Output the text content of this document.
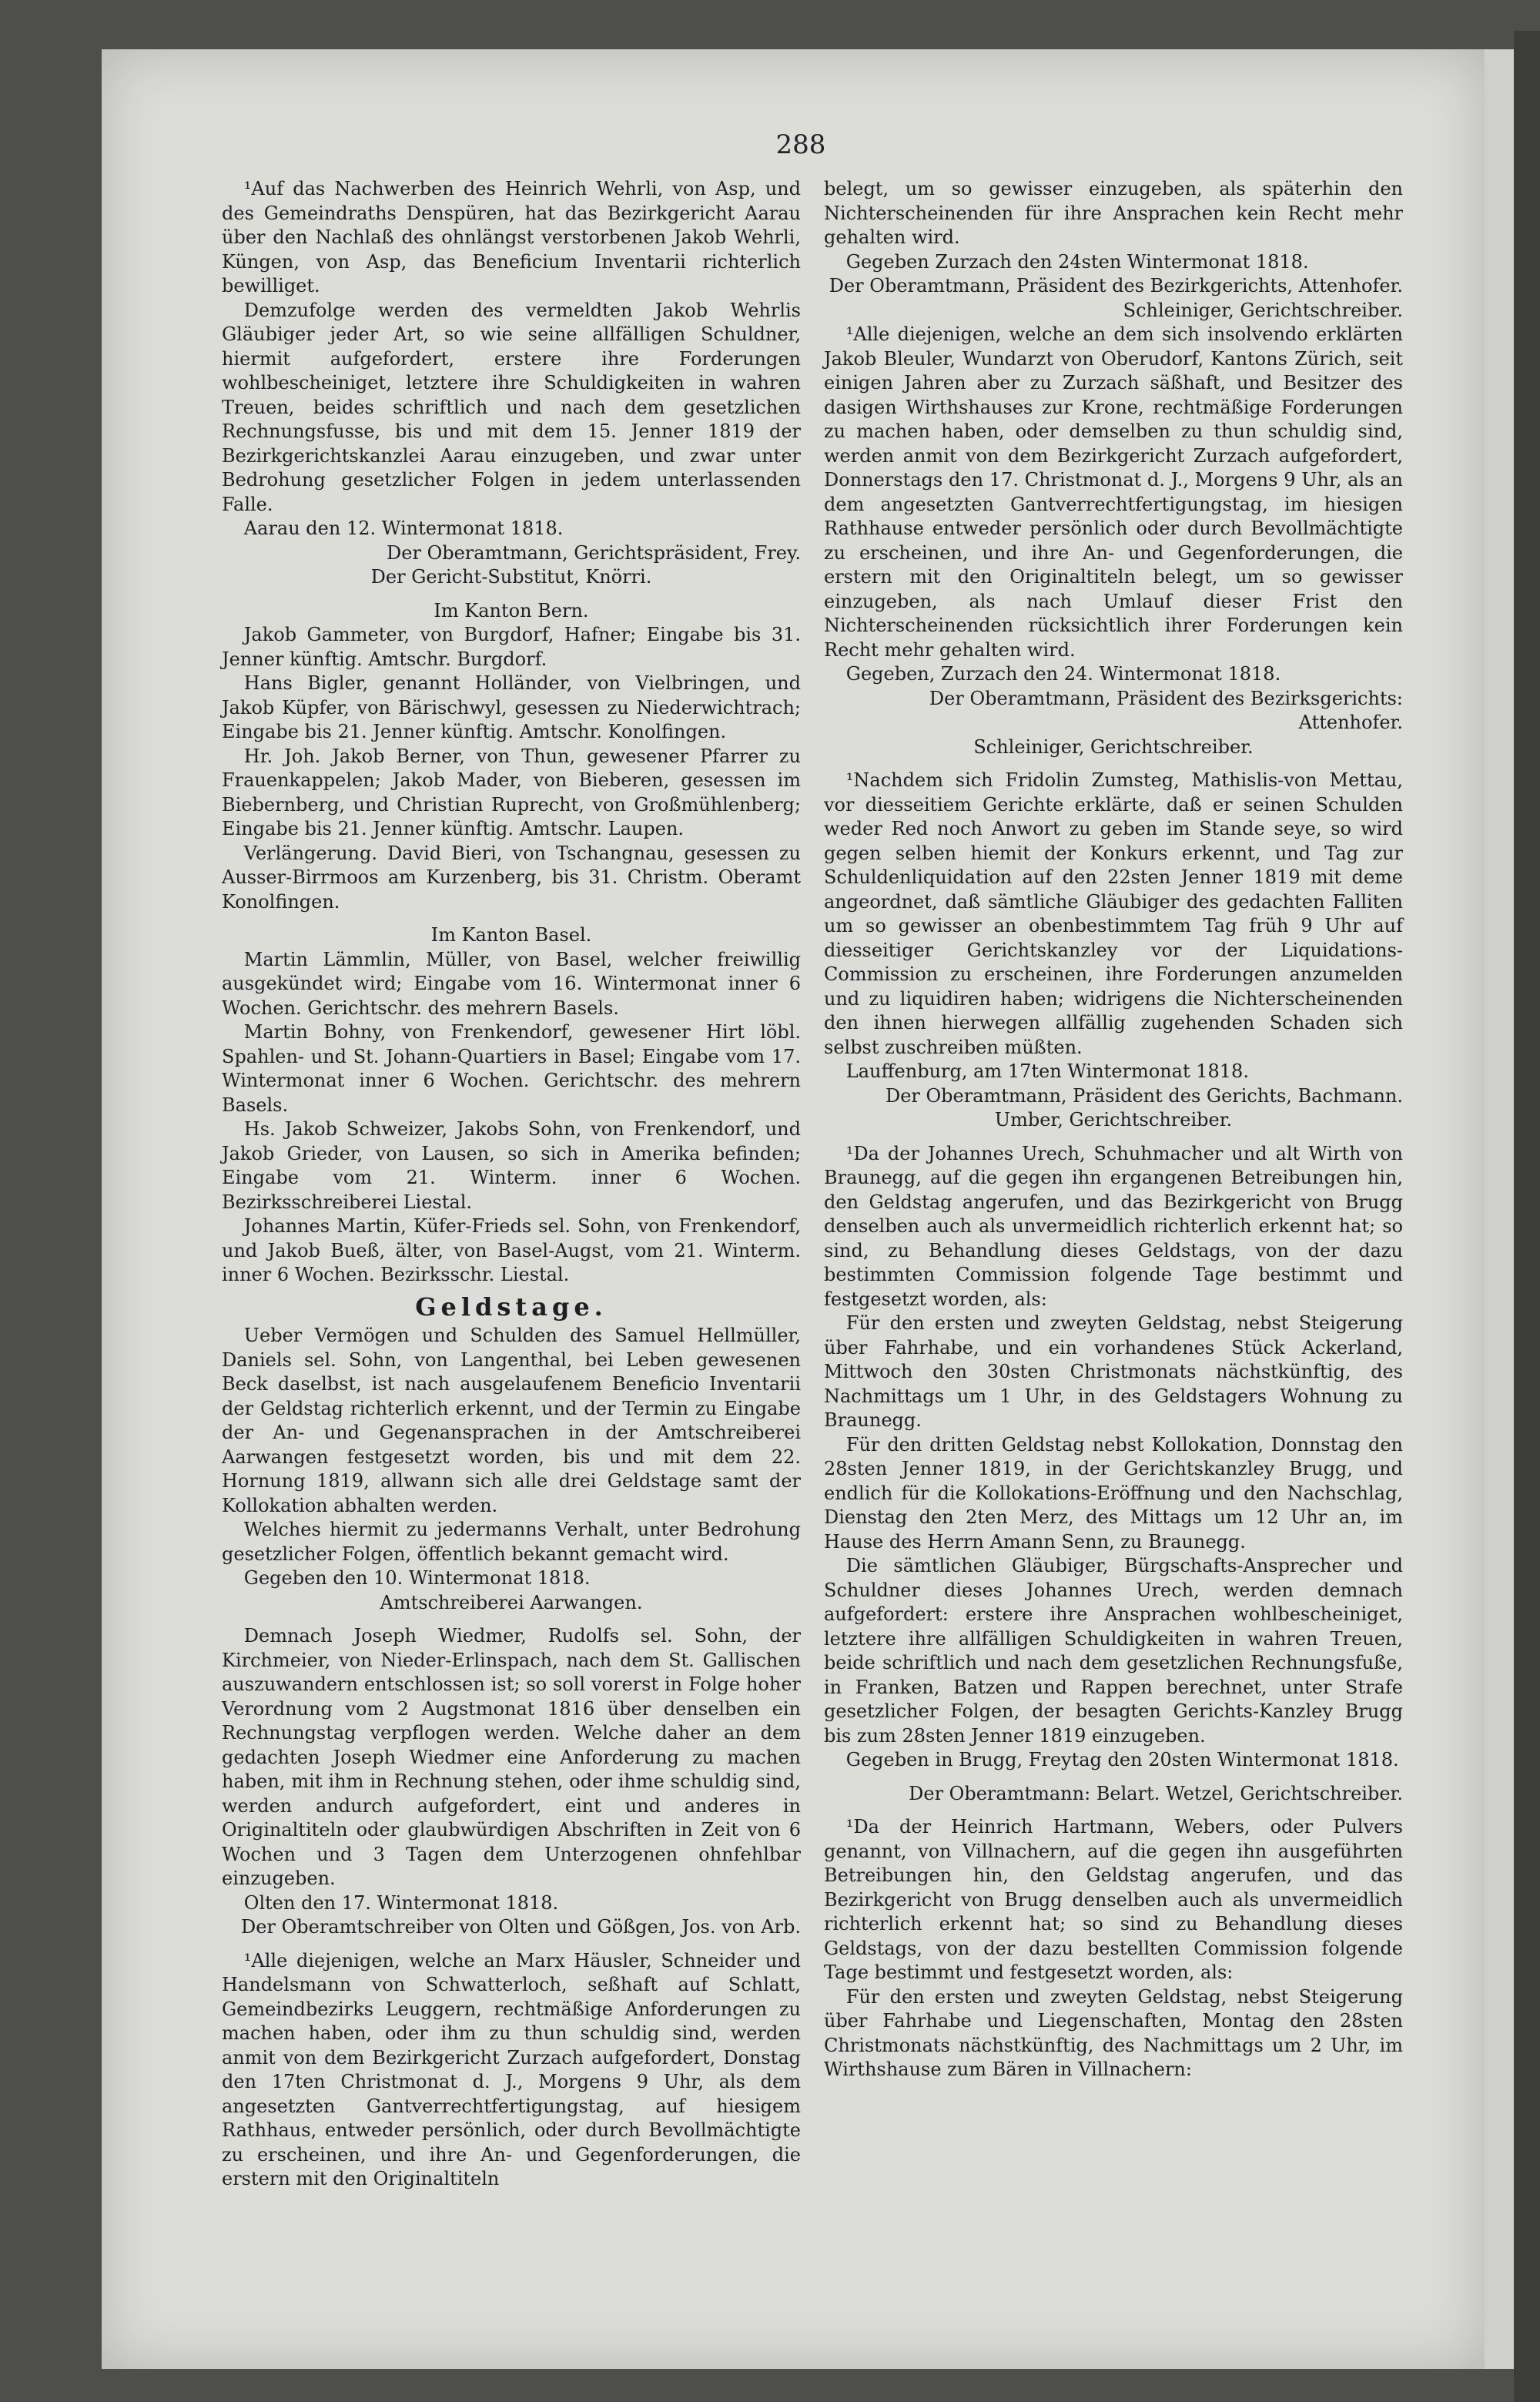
288

¹Auf das Nachwerben des Heinrich Wehrli, von Asp, und des Gemeindraths Denspüren, hat das Bezirkgericht Aarau über den Nachlaß des ohnlängst verstorbenen Jakob Wehrli, Küngen, von Asp, das Beneficium Inventarii richterlich bewilliget.

Demzufolge werden des vermeldten Jakob Wehrlis Gläubiger jeder Art, so wie seine allfälligen Schuldner, hiermit aufgefordert, erstere ihre Forderungen wohlbescheiniget, letztere ihre Schuldigkeiten in wahren Treuen, beides schriftlich und nach dem gesetzlichen Rechnungsfusse, bis und mit dem 15. Jenner 1819 der Bezirkgerichtskanzlei Aarau einzugeben, und zwar unter Bedrohung gesetzlicher Folgen in jedem unterlassenden Falle.

Aarau den 12. Wintermonat 1818.

Der Oberamtmann, Gerichtspräsident, Frey.

Der Gericht-Substitut, Knörri.

Im Kanton Bern.

Jakob Gammeter, von Burgdorf, Hafner; Eingabe bis 31. Jenner künftig. Amtschr. Burgdorf.

Hans Bigler, genannt Holländer, von Vielbringen, und Jakob Küpfer, von Bärischwyl, gesessen zu Niederwichtrach; Eingabe bis 21. Jenner künftig. Amtschr. Konolfingen.

Hr. Joh. Jakob Berner, von Thun, gewesener Pfarrer zu Frauenkappelen; Jakob Mader, von Bieberen, gesessen im Biebernberg, und Christian Ruprecht, von Großmühlenberg; Eingabe bis 21. Jenner künftig. Amtschr. Laupen.

Verlängerung. David Bieri, von Tschangnau, gesessen zu Ausser-Birrmoos am Kurzenberg, bis 31. Christm. Oberamt Konolfingen.

Im Kanton Basel.

Martin Lämmlin, Müller, von Basel, welcher freiwillig ausgekündet wird; Eingabe vom 16. Wintermonat inner 6 Wochen. Gerichtschr. des mehrern Basels.

Martin Bohny, von Frenkendorf, gewesener Hirt löbl. Spahlen- und St. Johann-Quartiers in Basel; Eingabe vom 17. Wintermonat inner 6 Wochen. Gerichtschr. des mehrern Basels.

Hs. Jakob Schweizer, Jakobs Sohn, von Frenkendorf, und Jakob Grieder, von Lausen, so sich in Amerika befinden; Eingabe vom 21. Winterm. inner 6 Wochen. Bezirksschreiberei Liestal.

Johannes Martin, Küfer-Frieds sel. Sohn, von Frenkendorf, und Jakob Bueß, älter, von Basel-Augst, vom 21. Winterm. inner 6 Wochen. Bezirksschr. Liestal.

Geldstage.

Ueber Vermögen und Schulden des Samuel Hellmüller, Daniels sel. Sohn, von Langenthal, bei Leben gewesenen Beck daselbst, ist nach ausgelaufenem Beneficio Inventarii der Geldstag richterlich erkennt, und der Termin zu Eingabe der An- und Gegenansprachen in der Amtschreiberei Aarwangen festgesetzt worden, bis und mit dem 22. Hornung 1819, allwann sich alle drei Geldstage samt der Kollokation abhalten werden.

Welches hiermit zu jedermanns Verhalt, unter Bedrohung gesetzlicher Folgen, öffentlich bekannt gemacht wird.

Gegeben den 10. Wintermonat 1818.

Amtschreiberei Aarwangen.

Demnach Joseph Wiedmer, Rudolfs sel. Sohn, der Kirchmeier, von Nieder-Erlinspach, nach dem St. Gallischen auszuwandern entschlossen ist; so soll vorerst in Folge hoher Verordnung vom 2 Augstmonat 1816 über denselben ein Rechnungstag verpflogen werden. Welche daher an dem gedachten Joseph Wiedmer eine Anforderung zu machen haben, mit ihm in Rechnung stehen, oder ihme schuldig sind, werden andurch aufgefordert, eint und anderes in Originaltiteln oder glaubwürdigen Abschriften in Zeit von 6 Wochen und 3 Tagen dem Unterzogenen ohnfehlbar einzugeben.

Olten den 17. Wintermonat 1818.

Der Oberamtschreiber von Olten und Gößgen, Jos. von Arb.

¹Alle diejenigen, welche an Marx Häusler, Schneider und Handelsmann von Schwatterloch, seßhaft auf Schlatt, Gemeindbezirks Leuggern, rechtmäßige Anforderungen zu machen haben, oder ihm zu thun schuldig sind, werden anmit von dem Bezirkgericht Zurzach aufgefordert, Donstag den 17ten Christmonat d. J., Morgens 9 Uhr, als dem angesetzten Gantverrechtfertigungstag, auf hiesigem Rathhaus, entweder persönlich, oder durch Bevollmächtigte zu erscheinen, und ihre An- und Gegenforderungen, die erstern mit den Originaltiteln

belegt, um so gewisser einzugeben, als späterhin den Nichterscheinenden für ihre Ansprachen kein Recht mehr gehalten wird.

Gegeben Zurzach den 24sten Wintermonat 1818.

Der Oberamtmann, Präsident des Bezirkgerichts, Attenhofer.

Schleiniger, Gerichtschreiber.

¹Alle diejenigen, welche an dem sich insolvendo erklärten Jakob Bleuler, Wundarzt von Oberudorf, Kantons Zürich, seit einigen Jahren aber zu Zurzach säßhaft, und Besitzer des dasigen Wirthshauses zur Krone, rechtmäßige Forderungen zu machen haben, oder demselben zu thun schuldig sind, werden anmit von dem Bezirkgericht Zurzach aufgefordert, Donnerstags den 17. Christmonat d. J., Morgens 9 Uhr, als an dem angesetzten Gantverrechtfertigungstag, im hiesigen Rathhause entweder persönlich oder durch Bevollmächtigte zu erscheinen, und ihre An- und Gegenforderungen, die erstern mit den Originaltiteln belegt, um so gewisser einzugeben, als nach Umlauf dieser Frist den Nichterscheinenden rücksichtlich ihrer Forderungen kein Recht mehr gehalten wird.

Gegeben, Zurzach den 24. Wintermonat 1818.

Der Oberamtmann, Präsident des Bezirksgerichts: Attenhofer.

Schleiniger, Gerichtschreiber.

¹Nachdem sich Fridolin Zumsteg, Mathislis-von Mettau, vor diesseitiem Gerichte erklärte, daß er seinen Schulden weder Red noch Anwort zu geben im Stande seye, so wird gegen selben hiemit der Konkurs erkennt, und Tag zur Schuldenliquidation auf den 22sten Jenner 1819 mit deme angeordnet, daß sämtliche Gläubiger des gedachten Falliten um so gewisser an obenbestimmtem Tag früh 9 Uhr auf diesseitiger Gerichtskanzley vor der Liquidations-Commission zu erscheinen, ihre Forderungen anzumelden und zu liquidiren haben; widrigens die Nichterscheinenden den ihnen hierwegen allfällig zugehenden Schaden sich selbst zuschreiben müßten.

Lauffenburg, am 17ten Wintermonat 1818.

Der Oberamtmann, Präsident des Gerichts, Bachmann.

Umber, Gerichtschreiber.

¹Da der Johannes Urech, Schuhmacher und alt Wirth von Braunegg, auf die gegen ihn ergangenen Betreibungen hin, den Geldstag angerufen, und das Bezirkgericht von Brugg denselben auch als unvermeidlich richterlich erkennt hat; so sind, zu Behandlung dieses Geldstags, von der dazu bestimmten Commission folgende Tage bestimmt und festgesetzt worden, als:

Für den ersten und zweyten Geldstag, nebst Steigerung über Fahrhabe, und ein vorhandenes Stück Ackerland, Mittwoch den 30sten Christmonats nächstkünftig, des Nachmittags um 1 Uhr, in des Geldstagers Wohnung zu Braunegg.

Für den dritten Geldstag nebst Kollokation, Donnstag den 28sten Jenner 1819, in der Gerichtskanzley Brugg, und endlich für die Kollokations-Eröffnung und den Nachschlag, Dienstag den 2ten Merz, des Mittags um 12 Uhr an, im Hause des Herrn Amann Senn, zu Braunegg.

Die sämtlichen Gläubiger, Bürgschafts-Ansprecher und Schuldner dieses Johannes Urech, werden demnach aufgefordert: erstere ihre Ansprachen wohlbescheiniget, letztere ihre allfälligen Schuldigkeiten in wahren Treuen, beide schriftlich und nach dem gesetzlichen Rechnungsfuße, in Franken, Batzen und Rappen berechnet, unter Strafe gesetzlicher Folgen, der besagten Gerichts-Kanzley Brugg bis zum 28sten Jenner 1819 einzugeben.

Gegeben in Brugg, Freytag den 20sten Wintermonat 1818.

Der Oberamtmann: Belart. Wetzel, Gerichtschreiber.

¹Da der Heinrich Hartmann, Webers, oder Pulvers genannt, von Villnachern, auf die gegen ihn ausgeführten Betreibungen hin, den Geldstag angerufen, und das Bezirkgericht von Brugg denselben auch als unvermeidlich richterlich erkennt hat; so sind zu Behandlung dieses Geldstags, von der dazu bestellten Commission folgende Tage bestimmt und festgesetzt worden, als:

Für den ersten und zweyten Geldstag, nebst Steigerung über Fahrhabe und Liegenschaften, Montag den 28sten Christmonats nächstkünftig, des Nachmittags um 2 Uhr, im Wirthshause zum Bären in Villnachern:
